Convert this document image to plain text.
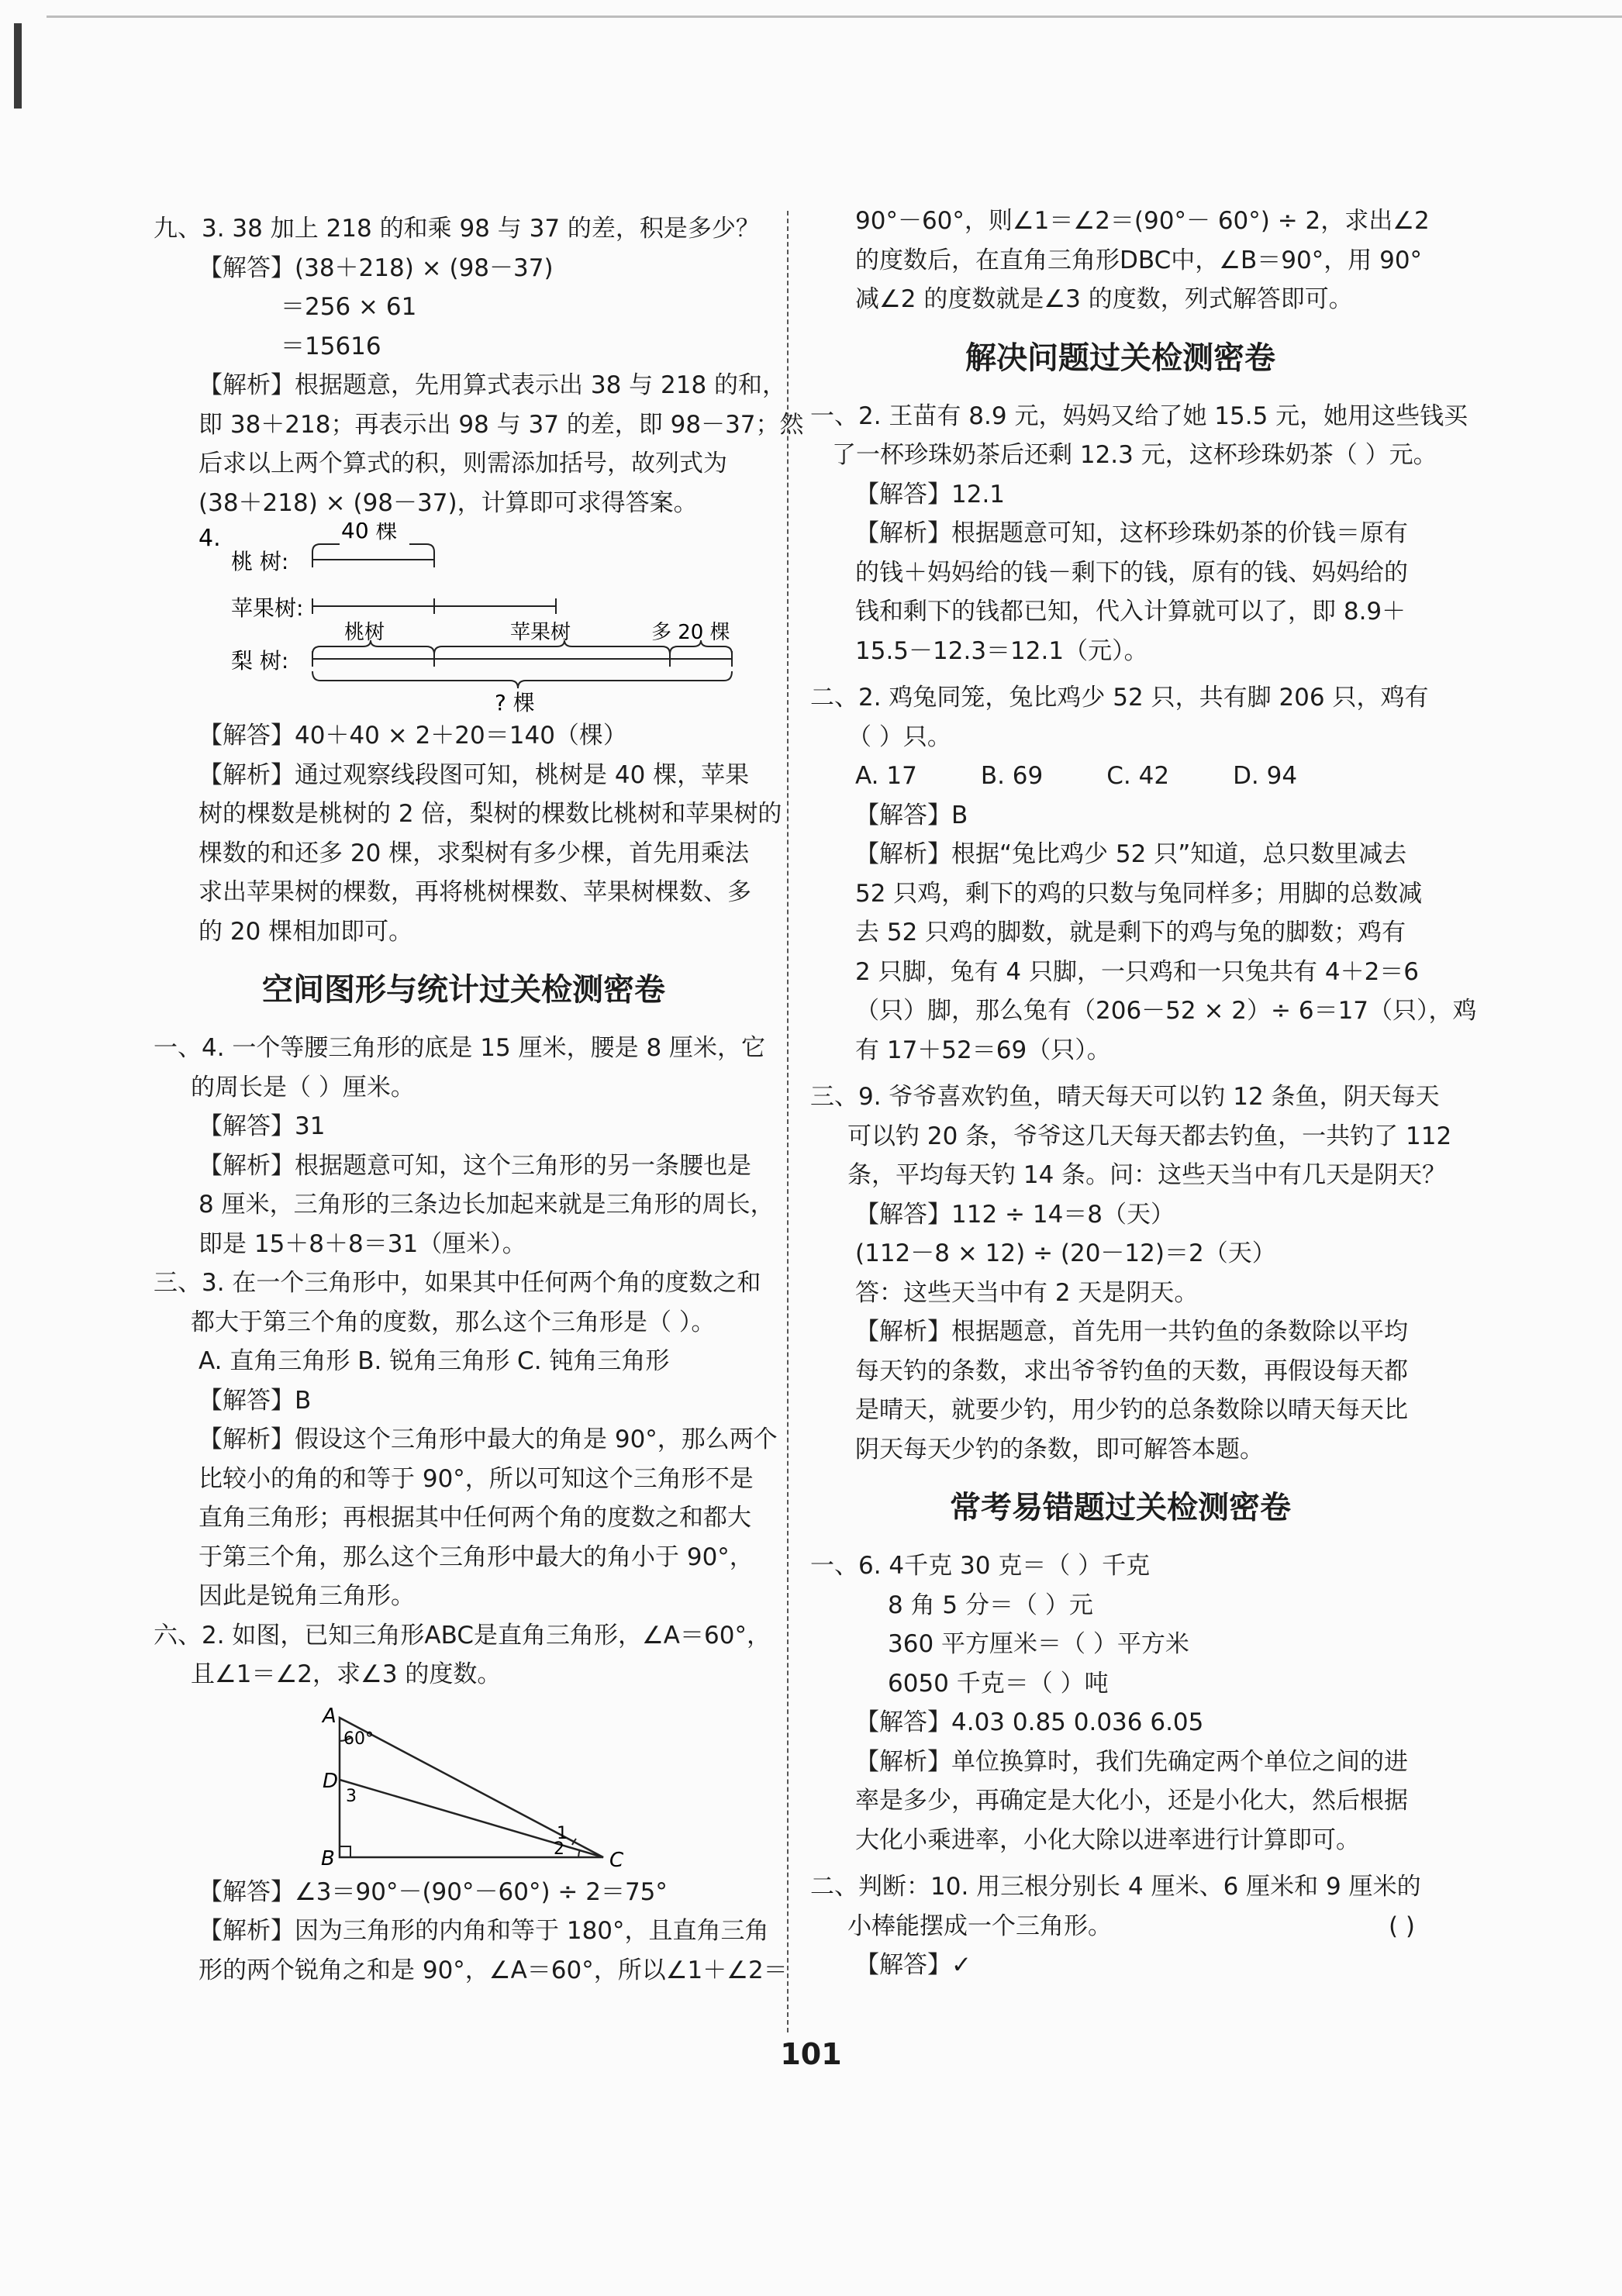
九、3. 38 加上 218 的和乘 98 与 37 的差，积是多少？
【解答】(38＋218) × (98－37)
＝256 × 61
＝15616
【解析】根据题意，先用算式表示出 38 与 218 的和，
即 38＋218；再表示出 98 与 37 的差，即 98－37；然
后求以上两个算式的积，则需添加括号，故列式为
(38＋218) × (98－37)，计算即可求得答案。
4.	40 棵
桃 树:
苹果树:
桃树	苹果树	多 20 棵
梨 树:
? 棵
【解答】40＋40 × 2＋20＝140（棵）
【解析】通过观察线段图可知，桃树是 40 棵，苹果
树的棵数是桃树的 2 倍，梨树的棵数比桃树和苹果树的
棵数的和还多 20 棵，求梨树有多少棵，首先用乘法
求出苹果树的棵数，再将桃树棵数、苹果树棵数、多
的 20 棵相加即可。
空间图形与统计过关检测密卷
一、4. 一个等腰三角形的底是 15 厘米，腰是 8 厘米，它
的周长是（ ）厘米。
【解答】31
【解析】根据题意可知，这个三角形的另一条腰也是
8 厘米，三角形的三条边长加起来就是三角形的周长，
即是 15＋8＋8＝31（厘米）。
三、3. 在一个三角形中，如果其中任何两个角的度数之和
都大于第三个角的度数，那么这个三角形是（ ）。
A. 直角三角形 B. 锐角三角形 C. 钝角三角形
【解答】B
【解析】假设这个三角形中最大的角是 90°，那么两个
比较小的角的和等于 90°，所以可知这个三角形不是
直角三角形；再根据其中任何两个角的度数之和都大
于第三个角，那么这个三角形中最大的角小于 90°，
因此是锐角三角形。
六、2. 如图，已知三角形ABC是直角三角形，∠A＝60°，
且∠1＝∠2，求∠3 的度数。
A
D
B	C
60°
3
1
2
【解答】∠3＝90°－(90°－60°) ÷ 2＝75°
【解析】因为三角形的内角和等于 180°，且直角三角
形的两个锐角之和是 90°，∠A＝60°，所以∠1＋∠2＝
90°－60°，则∠1＝∠2＝(90°－ 60°) ÷ 2，求出∠2
的度数后，在直角三角形DBC中，∠B＝90°，用 90°
减∠2 的度数就是∠3 的度数，列式解答即可。
解决问题过关检测密卷
一、2. 王苗有 8.9 元，妈妈又给了她 15.5 元，她用这些钱买
了一杯珍珠奶茶后还剩 12.3 元，这杯珍珠奶茶（ ）元。
【解答】12.1
【解析】根据题意可知，这杯珍珠奶茶的价钱＝原有
的钱＋妈妈给的钱－剩下的钱，原有的钱、妈妈给的
钱和剩下的钱都已知，代入计算就可以了，即 8.9＋
15.5－12.3＝12.1（元）。
二、2. 鸡兔同笼，兔比鸡少 52 只，共有脚 206 只，鸡有
（ ）只。
A. 17	B. 69	C. 42	D. 94
【解答】B
【解析】根据“兔比鸡少 52 只”知道，总只数里减去
52 只鸡，剩下的鸡的只数与兔同样多；用脚的总数减
去 52 只鸡的脚数，就是剩下的鸡与兔的脚数；鸡有
2 只脚，兔有 4 只脚，一只鸡和一只兔共有 4＋2＝6
（只）脚，那么兔有（206－52 × 2）÷ 6＝17（只），鸡
有 17＋52＝69（只）。
三、9. 爷爷喜欢钓鱼，晴天每天可以钓 12 条鱼，阴天每天
可以钓 20 条，爷爷这几天每天都去钓鱼，一共钓了 112
条，平均每天钓 14 条。问：这些天当中有几天是阴天？
【解答】112 ÷ 14＝8（天）
(112－8 × 12) ÷ (20－12)＝2（天）
答：这些天当中有 2 天是阴天。
【解析】根据题意，首先用一共钓鱼的条数除以平均
每天钓的条数，求出爷爷钓鱼的天数，再假设每天都
是晴天，就要少钓，用少钓的总条数除以晴天每天比
阴天每天少钓的条数，即可解答本题。
常考易错题过关检测密卷
一、6. 4千克 30 克＝（ ）千克
8 角 5 分＝（ ）元
360 平方厘米＝（ ）平方米
6050 千克＝（ ）吨
【解答】4.03 0.85 0.036 6.05
【解析】单位换算时，我们先确定两个单位之间的进
率是多少，再确定是大化小，还是小化大，然后根据
大化小乘进率，小化大除以进率进行计算即可。
二、判断：10. 用三根分别长 4 厘米、6 厘米和 9 厘米的
小棒能摆成一个三角形。	( )
【解答】✓
101
